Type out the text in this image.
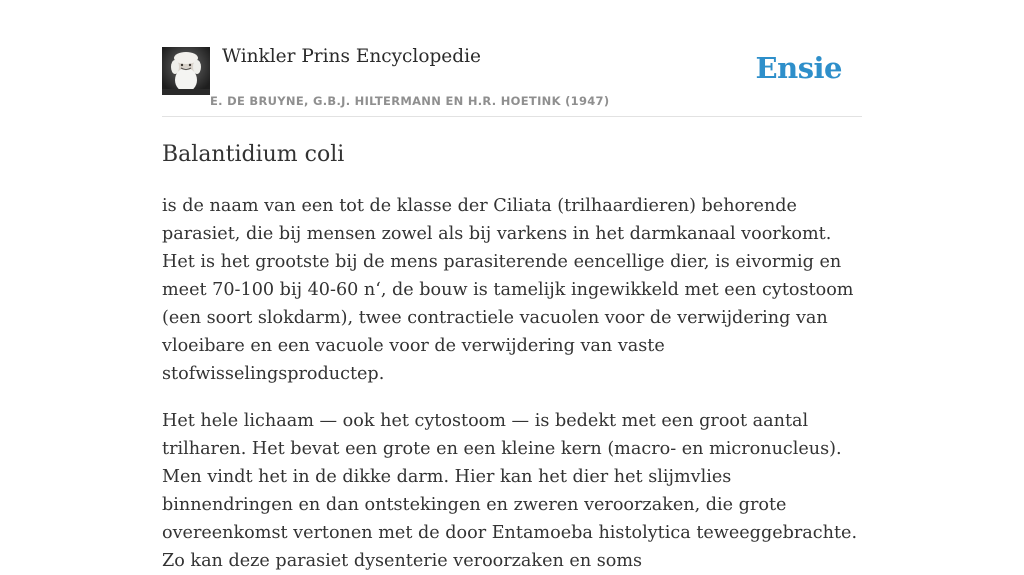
Winkler Prins Encyclopedie
E. DE BRUYNE, G.B.J. HILTERMANN EN H.R. HOETINK (1947)
Ensie
Balantidium coli

is de naam van een tot de klasse der Ciliata (trilhaardieren) behorende parasiet, die bij mensen zowel als bij varkens in het darmkanaal voorkomt. Het is het grootste bij de mens parasiterende eencellige dier, is eivormig en meet 70-100 bij 40-60 n‘, de bouw is tamelijk ingewikkeld met een cytostoom (een soort slokdarm), twee contractiele vacuolen voor de verwijdering van vloeibare en een vacuole voor de verwijdering van vaste stofwisselingsproductep.

Het hele lichaam — ook het cytostoom — is bedekt met een groot aantal trilharen. Het bevat een grote en een kleine kern (macro- en micronucleus). Men vindt het in de dikke darm. Hier kan het dier het slijmvlies binnendringen en dan ontstekingen en zweren veroorzaken, die grote overeenkomst vertonen met de door Entamoeba histolytica teweeggebrachte. Zo kan deze parasiet dysenterie veroorzaken en soms
